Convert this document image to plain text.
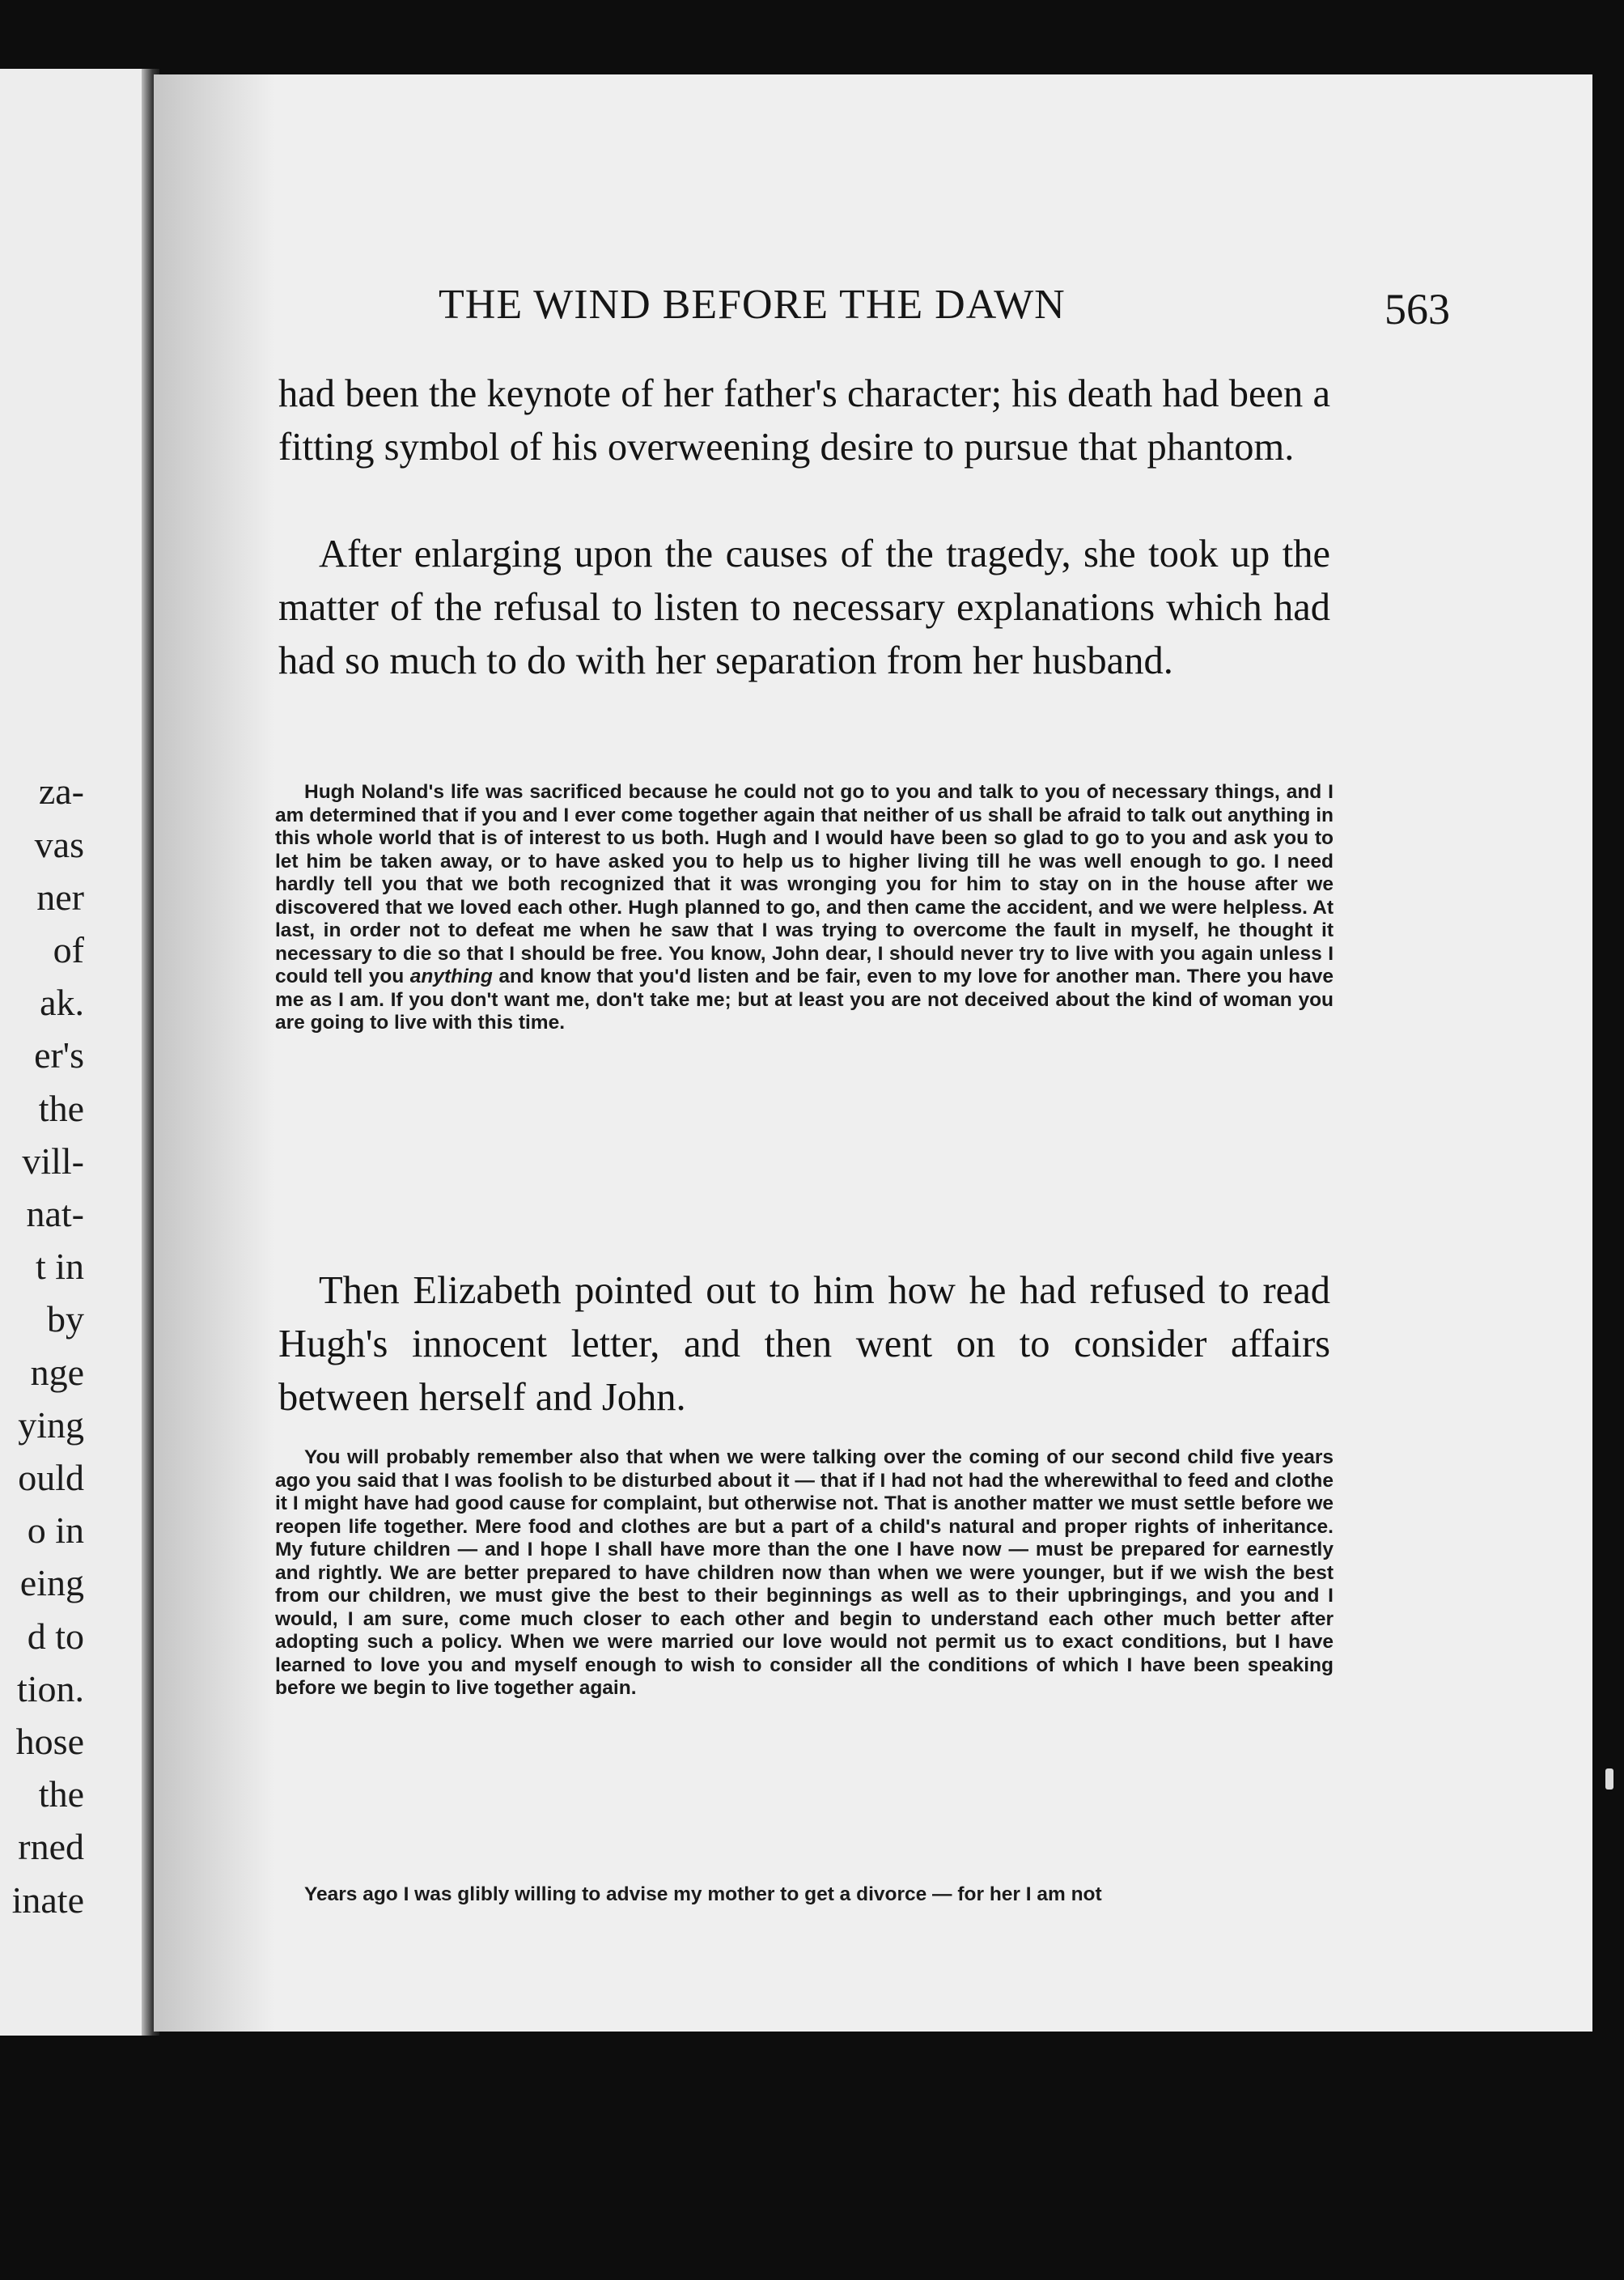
za-
vas
ner
of
ak.
er's
the
vill-
nat-
t in
by
nge
ying
ould
o in
eing
d to
tion.
hose
the
rned
inate
THE WIND BEFORE THE DAWN	563

had been the keynote of her father's character; his death had been a fitting symbol of his overweening desire to pursue that phantom.

After enlarging upon the causes of the tragedy, she took up the matter of the refusal to listen to necessary explanations which had had so much to do with her separation from her husband.

Hugh Noland's life was sacrificed because he could not go to you and talk to you of necessary things, and I am determined that if you and I ever come together again that neither of us shall be afraid to talk out anything in this whole world that is of interest to us both. Hugh and I would have been so glad to go to you and ask you to let him be taken away, or to have asked you to help us to higher living till he was well enough to go. I need hardly tell you that we both recognized that it was wronging you for him to stay on in the house after we discovered that we loved each other. Hugh planned to go, and then came the accident, and we were helpless. At last, in order not to defeat me when he saw that I was trying to overcome the fault in myself, he thought it necessary to die so that I should be free. You know, John dear, I should never try to live with you again unless I could tell you anything and know that you'd listen and be fair, even to my love for another man. There you have me as I am. If you don't want me, don't take me; but at least you are not deceived about the kind of woman you are going to live with this time.

Then Elizabeth pointed out to him how he had refused to read Hugh's innocent letter, and then went on to consider affairs between herself and John.

You will probably remember also that when we were talking over the coming of our second child five years ago you said that I was foolish to be disturbed about it — that if I had not had the wherewithal to feed and clothe it I might have had good cause for complaint, but otherwise not. That is another matter we must settle before we reopen life together. Mere food and clothes are but a part of a child's natural and proper rights of inheritance. My future children — and I hope I shall have more than the one I have now — must be prepared for earnestly and rightly. We are better prepared to have children now than when we were younger, but if we wish the best from our children, we must give the best to their beginnings as well as to their upbringings, and you and I would, I am sure, come much closer to each other and begin to understand each other much better after adopting such a policy. When we were married our love would not permit us to exact conditions, but I have learned to love you and myself enough to wish to consider all the conditions of which I have been speaking before we begin to live together again.

Years ago I was glibly willing to advise my mother to get a divorce — for her I am not
